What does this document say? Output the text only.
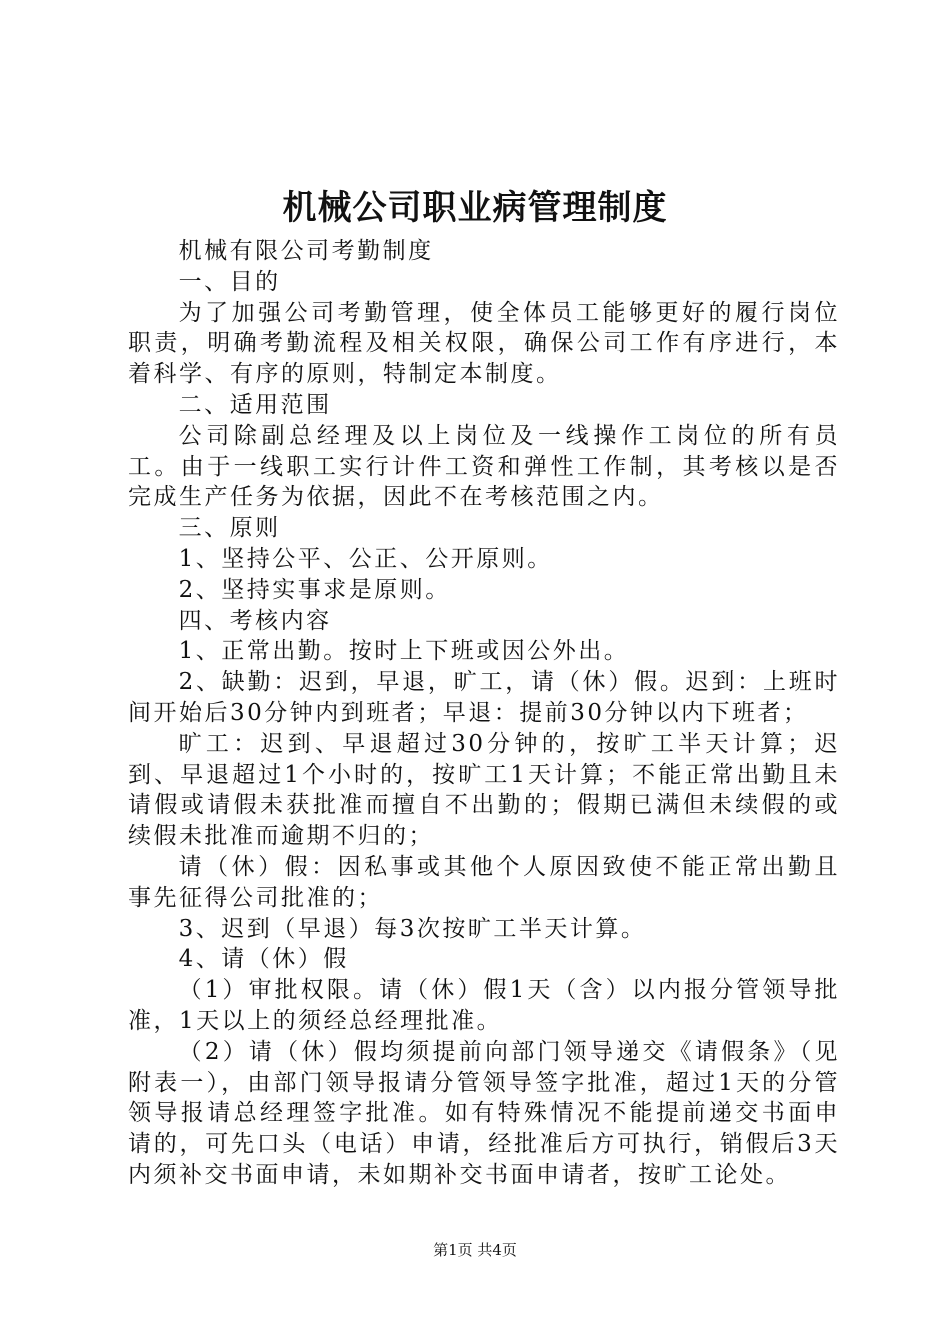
机械公司职业病管理制度

机械有限公司考勤制度

一、目的

为了加强公司考勤管理，使全体员工能够更好的履行岗位职责，明确考勤流程及相关权限，确保公司工作有序进行，本着科学、有序的原则，特制定本制度。

二、适用范围

公司除副总经理及以上岗位及一线操作工岗位的所有员工。由于一线职工实行计件工资和弹性工作制，其考核以是否完成生产任务为依据，因此不在考核范围之内。

三、原则

1、坚持公平、公正、公开原则。

2、坚持实事求是原则。

四、考核内容

1、正常出勤。按时上下班或因公外出。

2、缺勤：迟到，早退，旷工，请（休）假。迟到：上班时间开始后30分钟内到班者；早退：提前30分钟以内下班者；

旷工：迟到、早退超过30分钟的，按旷工半天计算；迟到、早退超过1个小时的，按旷工1天计算；不能正常出勤且未请假或请假未获批准而擅自不出勤的；假期已满但未续假的或续假未批准而逾期不归的；

请（休）假：因私事或其他个人原因致使不能正常出勤且事先征得公司批准的；

3、迟到（早退）每3次按旷工半天计算。

4、请（休）假

（1）审批权限。请（休）假1天（含）以内报分管领导批准，1天以上的须经总经理批准。

（2）请（休）假均须提前向部门领导递交《请假条》（见附表一），由部门领导报请分管领导签字批准，超过1天的分管领导报请总经理签字批准。如有特殊情况不能提前递交书面申请的，可先口头（电话）申请，经批准后方可执行，销假后3天内须补交书面申请，未如期补交书面申请者，按旷工论处。

第1页 共4页
